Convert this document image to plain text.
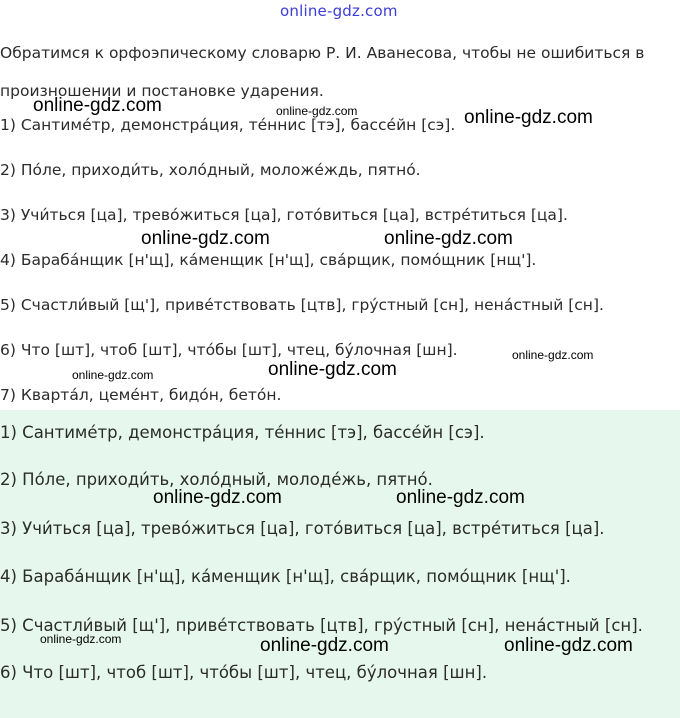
online-gdz.com
Обратимся к орфоэпическому словарю Р. И. Аванесова, чтобы не ошибиться в произношении и постановке ударения.
1) Сантиме́тр, демонстра́ция, те́ннис [тэ], бассе́йн [сэ].
2) По́ле, приходи́ть, холо́дный, моложе́ждь, пятно́.
3) Учи́ться [ца], трево́житься [ца], гото́виться [ца], встре́титься [ца].
4) Бараба́нщик [н'щ], ка́менщик [н'щ], сва́рщик, помо́щник [нщ'].
5) Счастли́вый [щ'], приве́тствовать [цтв], гру́стный [сн], нена́стный [сн].
6) Что [шт], чтоб [шт], что́бы [шт], чтец, бу́лочная [шн].
7) Кварта́л, цеме́нт, бидо́н, бето́н.
1) Сантиме́тр, демонстра́ция, те́ннис [тэ], бассе́йн [сэ].
2) По́ле, приходи́ть, холо́дный, молоде́жь, пятно́.
3) Учи́ться [ца], трево́житься [ца], гото́виться [ца], встре́титься [ца].
4) Бараба́нщик [н'щ], ка́менщик [н'щ], сва́рщик, помо́щник [нщ'].
5) Счастли́вый [щ'], приве́тствовать [цтв], гру́стный [сн], нена́стный [сн].
6) Что [шт], чтоб [шт], что́бы [шт], чтец, бу́лочная [шн].
online-gdz.com	online-gdz.com	online-gdz.com
online-gdz.com	online-gdz.com
online-gdz.com
online-gdz.com
online-gdz.com
online-gdz.com	online-gdz.com
online-gdz.com	online-gdz.com	online-gdz.com
